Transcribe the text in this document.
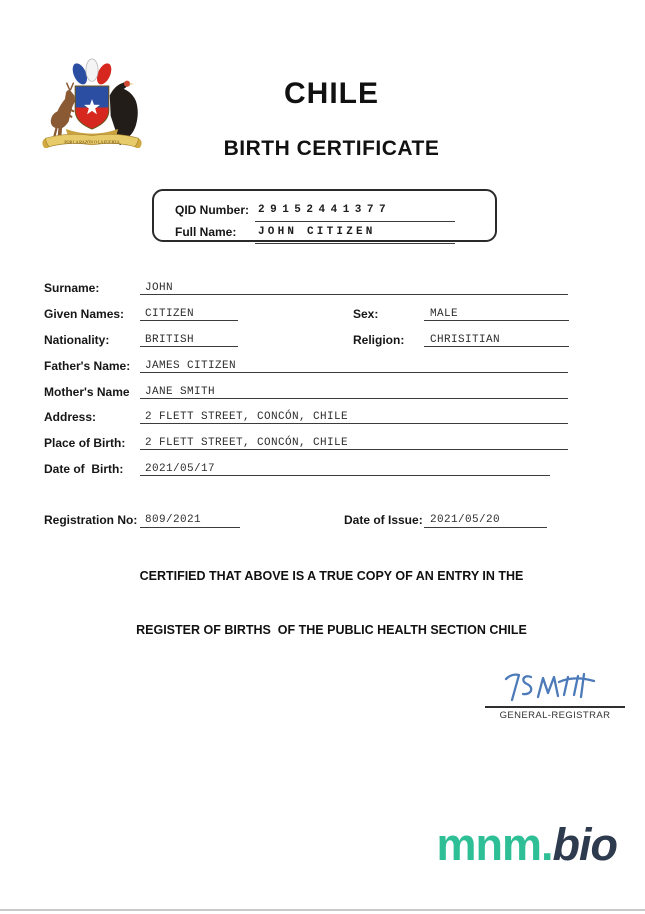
POR LA RAZÓN O LA FUERZA
CHILE
BIRTH CERTIFICATE
QID Number: 29152441377
Full Name: JOHN CITIZEN
Surname:	JOHN
Given Names: CITIZEN	Sex:	MALE
Nationality:	BRITISH	Religion: CHRISITIAN
Father's Name: JAMES CITIZEN
Mother's Name JANE SMITH
Address:	2 FLETT STREET, CONCÓN, CHILE
Place of Birth: 2 FLETT STREET, CONCÓN, CHILE
Date of  Birth: 2021/05/17
Registration No: 809/2021	Date of Issue: 2021/05/20
CERTIFIED THAT ABOVE IS A TRUE COPY OF AN ENTRY IN THE
REGISTER OF BIRTHS  OF THE PUBLIC HEALTH SECTION CHILE
GENERAL-REGISTRAR
mnm.bio
